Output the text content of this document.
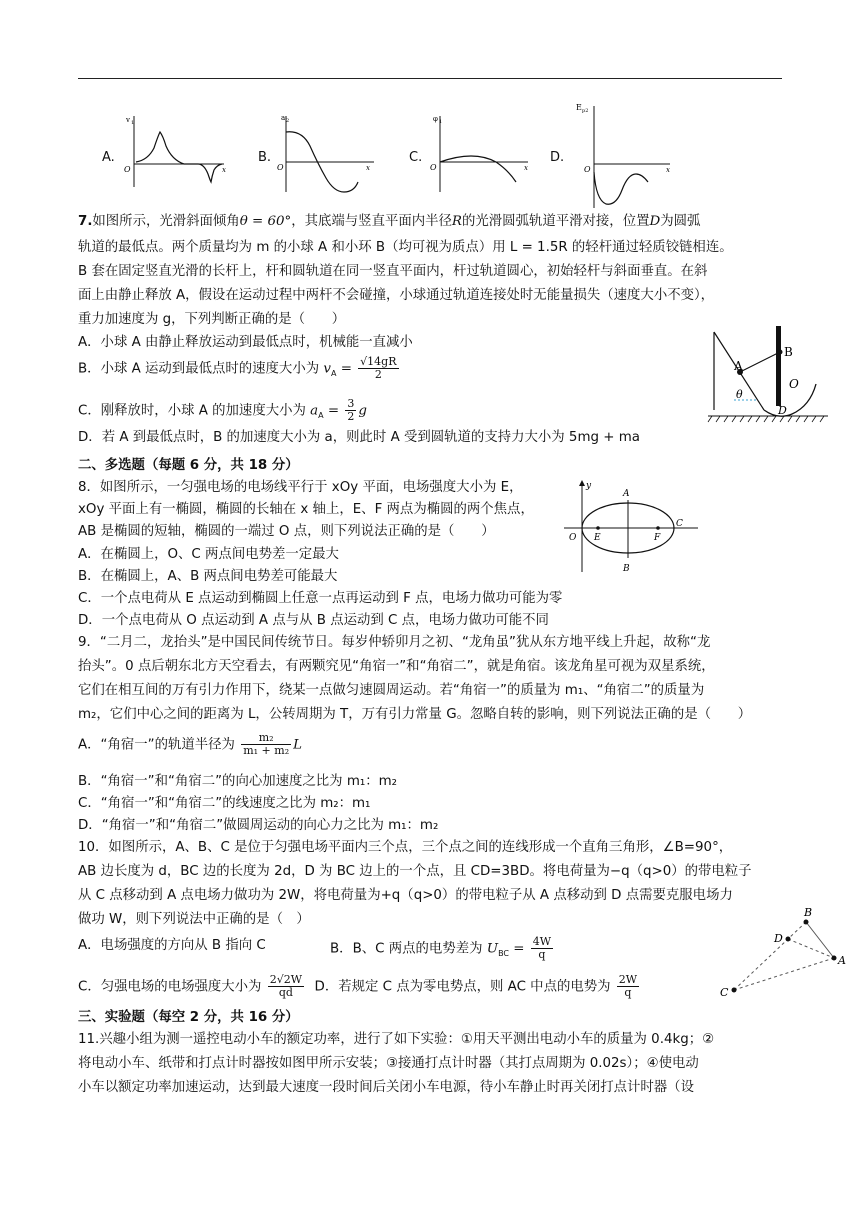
A.
v 1
O	x
B.
a 2
O	x
C.
φ 1
O	x
D.
E p2
O	x
7.如图所示，光滑斜面倾角θ = 60°，其底端与竖直平面内半径R的光滑圆弧轨道平滑对接，位置D为圆弧
轨道的最低点。两个质量均为 m 的小球 A 和小环 B（均可视为质点）用 L = 1.5R 的轻杆通过轻质铰链相连。
B 套在固定竖直光滑的长杆上，杆和圆轨道在同一竖直平面内，杆过轨道圆心，初始轻杆与斜面垂直。在斜
面上由静止释放 A，假设在运动过程中两杆不会碰撞，小球通过轨道连接处时无能量损失（速度大小不变），
重力加速度为 g，下列判断正确的是（　　）
A．小球 A 由静止释放运动到最低点时，机械能一直减小
B．小球 A 运动到最低点时的速度大小为 $v_A = \frac{√14gR}{2}$
C．刚释放时，小球 A 的加速度大小为 $a_A = \frac{3}{2}$ g
D．若 A 到最低点时，B 的加速度大小为 a，则此时 A 受到圆轨道的支持力大小为 5mg + ma
A
B
O
D
θ
二、多选题（每题 6 分，共 18 分）
8．如图所示，一匀强电场的电场线平行于 xOy 平面，电场强度大小为 E，
xOy 平面上有一椭圆，椭圆的长轴在 x 轴上，E、F 两点为椭圆的两个焦点，
AB 是椭圆的短轴，椭圆的一端过 O 点，则下列说法正确的是（　　）
A．在椭圆上，O、C 两点间电势差一定最大
B．在椭圆上，A、B 两点间电势差可能最大
C．一个点电荷从 E 点运动到椭圆上任意一点再运动到 F 点，电场力做功可能为零
D．一个点电荷从 O 点运动到 A 点与从 B 点运动到 C 点，电场力做功可能不同
y
A
B
O E	F
C
9．“二月二，龙抬头”是中国民间传统节日。每岁仲轿卯月之初、“龙角虽”犹从东方地平线上升起，故称“龙
抬头”。0 点后朝东北方天空看去，有两颗究见“角宿一”和“角宿二”，就是角宿。该龙角星可视为双星系统，
它们在相互间的万有引力作用下，绕某一点做匀速圆周运动。若“角宿一”的质量为 m₁、“角宿二”的质量为
m₂，它们中心之间的距离为 L，公转周期为 T，万有引力常量 G。忽略自转的影响，则下列说法正确的是（　　）
A．“角宿一”的轨道半径为 $\frac{\text{m₂}}{\text{m₁ + m₂}}$ L
B．“角宿一”和“角宿二”的向心加速度之比为 m₁：m₂
C．“角宿一”和“角宿二”的线速度之比为 m₂：m₁
D．“角宿一”和“角宿二”做圆周运动的向心力之比为 m₁：m₂
10．如图所示，A、B、C 是位于匀强电场平面内三个点，三个点之间的连线形成一个直角三角形，∠B=90°，
AB 边长度为 d，BC 边的长度为 2d，D 为 BC 边上的一个点，且 CD=3BD。将电荷量为−q（q>0）的带电粒子
从 C 点移动到 A 点电场力做功为 2W，将电荷量为+q（q>0）的带电粒子从 A 点移动到 D 点需要克服电场力
做功 W，则下列说法中正确的是（　）
A．电场强度的方向从 B 指向 C	B．B、C 两点的电势差为 $U_{BC} = \frac{4W}{q}$
C．匀强电场的电场强度大小为 $\frac{2√2W}{qd}$ D．若规定 C 点为零电势点，则 AC 中点的电势为 $\frac{2W}{q}$
B
A
C
D
三、实验题（每空 2 分，共 16 分）
11.兴趣小组为测一遥控电动小车的额定功率，进行了如下实验：①用天平测出电动小车的质量为 0.4kg；②
将电动小车、纸带和打点计时器按如图甲所示安装；③接通打点计时器（其打点周期为 0.02s）；④使电动
小车以额定功率加速运动，达到最大速度一段时间后关闭小车电源，待小车静止时再关闭打点计时器（设
